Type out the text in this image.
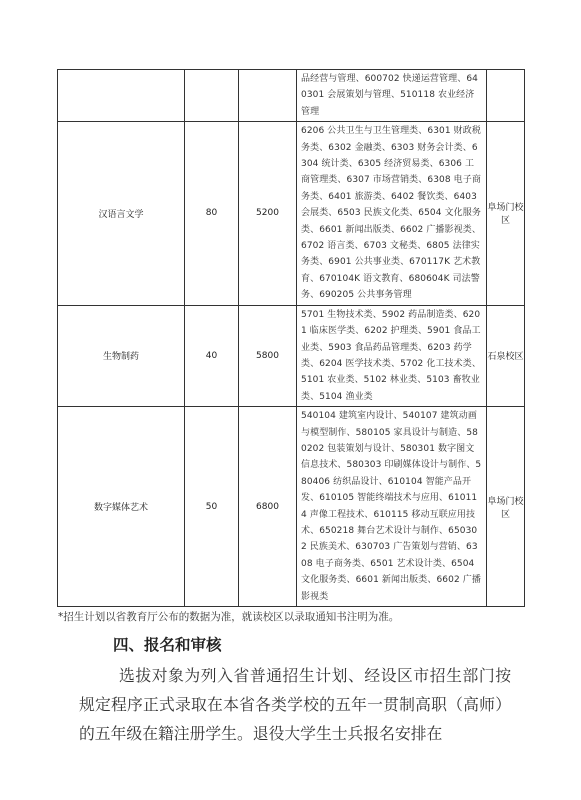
			品经营与管理、600702 快递运营管理、640301 会展策划与管理、510118 农业经济管理	
汉语言文学	80	5200	6206 公共卫生与卫生管理类、6301 财政税务类、6302 金融类、6303 财务会计类、6304 统计类、6305 经济贸易类、6306 工商管理类、6307 市场营销类、6308 电子商务类、6401 旅游类、6402 餐饮类、6403 会展类、6503 民族文化类、6504 文化服务类、6601 新闻出版类、6602 广播影视类、6702 语言类、6703 文秘类、6805 法律实务类、6901 公共事业类、670117K 艺术教育、670104K 语文教育、680604K 司法警务、690205 公共事务管理	阜场门校区
生物制药	40	5800	5701 生物技术类、5902 药品制造类、6201 临床医学类、6202 护理类、5901 食品工业类、5903 食品药品管理类、6203 药学类、6204 医学技术类、5702 化工技术类、5101 农业类、5102 林业类、5103 畜牧业类、5104 渔业类	石泉校区
数字媒体艺术	50	6800	540104 建筑室内设计、540107 建筑动画与模型制作、580105 家具设计与制造、580202 包装策划与设计、580301 数字图文信息技术、580303 印刷媒体设计与制作、580406 纺织品设计、610104 智能产品开发、610105 智能终端技术与应用、610114 声像工程技术、610115 移动互联应用技术、650218 舞台艺术设计与制作、650302 民族美术、630703 广告策划与营销、6308 电子商务类、6501 艺术设计类、6504 文化服务类、6601 新闻出版类、6602 广播影视类	阜场门校区
*招生计划以省教育厅公布的数据为准，就读校区以录取通知书注明为准。
四、报名和审核
选拔对象为列入省普通招生计划、经设区市招生部门按规定程序正式录取在本省各类学校的五年一贯制高职（高师）的五年级在籍注册学生。退役大学生士兵报名安排在
